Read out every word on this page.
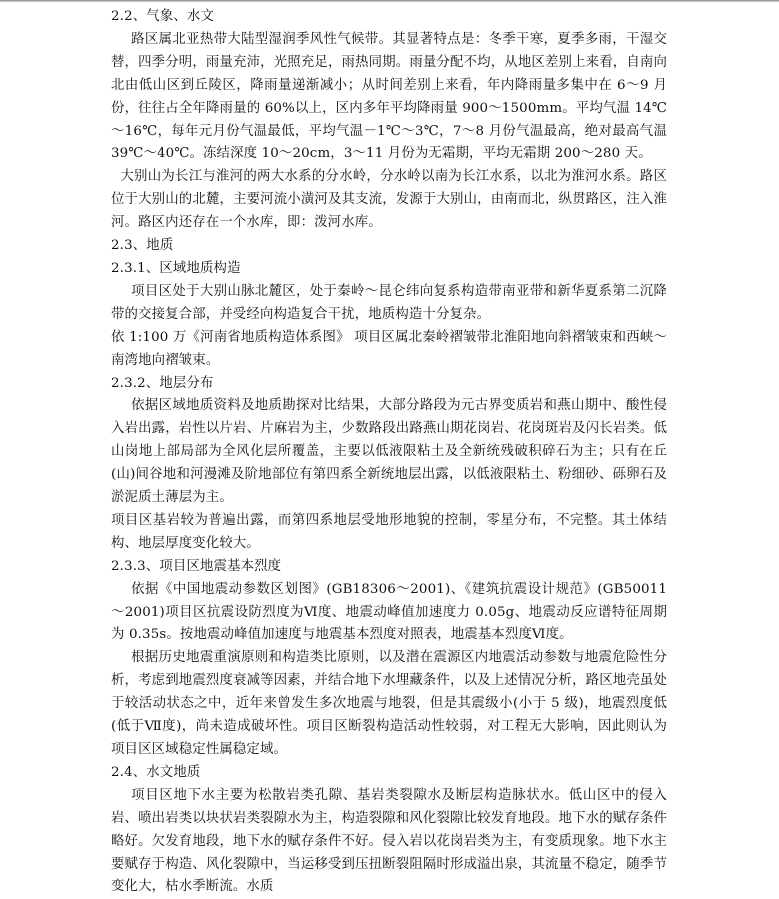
2.2、气象、水文

路区属北亚热带大陆型湿润季风性气候带。其显著特点是：冬季干寒，夏季多雨，干湿交替，四季分明，雨量充沛，光照充足，雨热同期。雨量分配不均，从地区差别上来看，自南向北由低山区到丘陵区，降雨量递渐减小；从时间差别上来看，年内降雨量多集中在 6～9 月份，往往占全年降雨量的 60%以上，区内多年平均降雨量 900～1500mm。平均气温 14℃～16℃，每年元月份气温最低，平均气温－1℃～3℃，7～8 月份气温最高，绝对最高气温 39℃～40℃。冻结深度 10～20cm，3～11 月份为无霜期，平均无霜期 200～280 天。

大别山为长江与淮河的两大水系的分水岭，分水岭以南为长江水系，以北为淮河水系。路区位于大别山的北麓，主要河流小潢河及其支流，发源于大别山，由南而北，纵贯路区，注入淮河。路区内还存在一个水库，即：泼河水库。

2.3、地质

2.3.1、区域地质构造

项目区处于大别山脉北麓区，处于秦岭～昆仑纬向复系构造带南亚带和新华夏系第二沉降带的交接复合部，并受经向构造复合干扰，地质构造十分复杂。

依 1:100 万《河南省地质构造体系图》 项目区属北秦岭褶皱带北淮阳地向斜褶皱束和西峡～南湾地向褶皱束。

2.3.2、地层分布

依据区域地质资料及地质勘探对比结果，大部分路段为元古界变质岩和燕山期中、酸性侵入岩出露，岩性以片岩、片麻岩为主，少数路段出路燕山期花岗岩、花岗斑岩及闪长岩类。低山岗地上部局部为全风化层所覆盖，主要以低液限粘土及全新统残破积碎石为主；只有在丘(山)间谷地和河漫滩及阶地部位有第四系全新统地层出露，以低液限粘土、粉细砂、砾卵石及淤泥质土薄层为主。

项目区基岩较为普遍出露，而第四系地层受地形地貌的控制，零星分布，不完整。其土体结构、地层厚度变化较大。

2.3.3、项目区地震基本烈度

依据《中国地震动参数区划图》(GB18306～2001)、《建筑抗震设计规范》(GB50011～2001)项目区抗震设防烈度为Ⅵ度、地震动峰值加速度力 0.05g、地震动反应谱特征周期为 0.35s。按地震动峰值加速度与地震基本烈度对照表，地震基本烈度Ⅵ度。

根据历史地震重演原则和构造类比原则，以及潜在震源区内地震活动参数与地震危险性分析，考虑到地震烈度衰减等因素，并结合地下水埋藏条件，以及上述情况分析，路区地壳虽处于较活动状态之中，近年来曾发生多次地震与地裂，但是其震级小(小于 5 级)，地震烈度低(低于Ⅶ度)，尚未造成破坏性。项目区断裂构造活动性较弱，对工程无大影响，因此则认为项目区区域稳定性属稳定域。

2.4、水文地质

项目区地下水主要为松散岩类孔隙、基岩类裂隙水及断层构造脉状水。低山区中的侵入岩、喷出岩类以块状岩类裂隙水为主，构造裂隙和风化裂隙比较发育地段。地下水的赋存条件略好。欠发育地段，地下水的赋存条件不好。侵入岩以花岗岩类为主，有变质现象。地下水主要赋存于构造、风化裂隙中，当运移受到压扭断裂阻隔时形成溢出泉，其流量不稳定，随季节变化大，枯水季断流。水质
